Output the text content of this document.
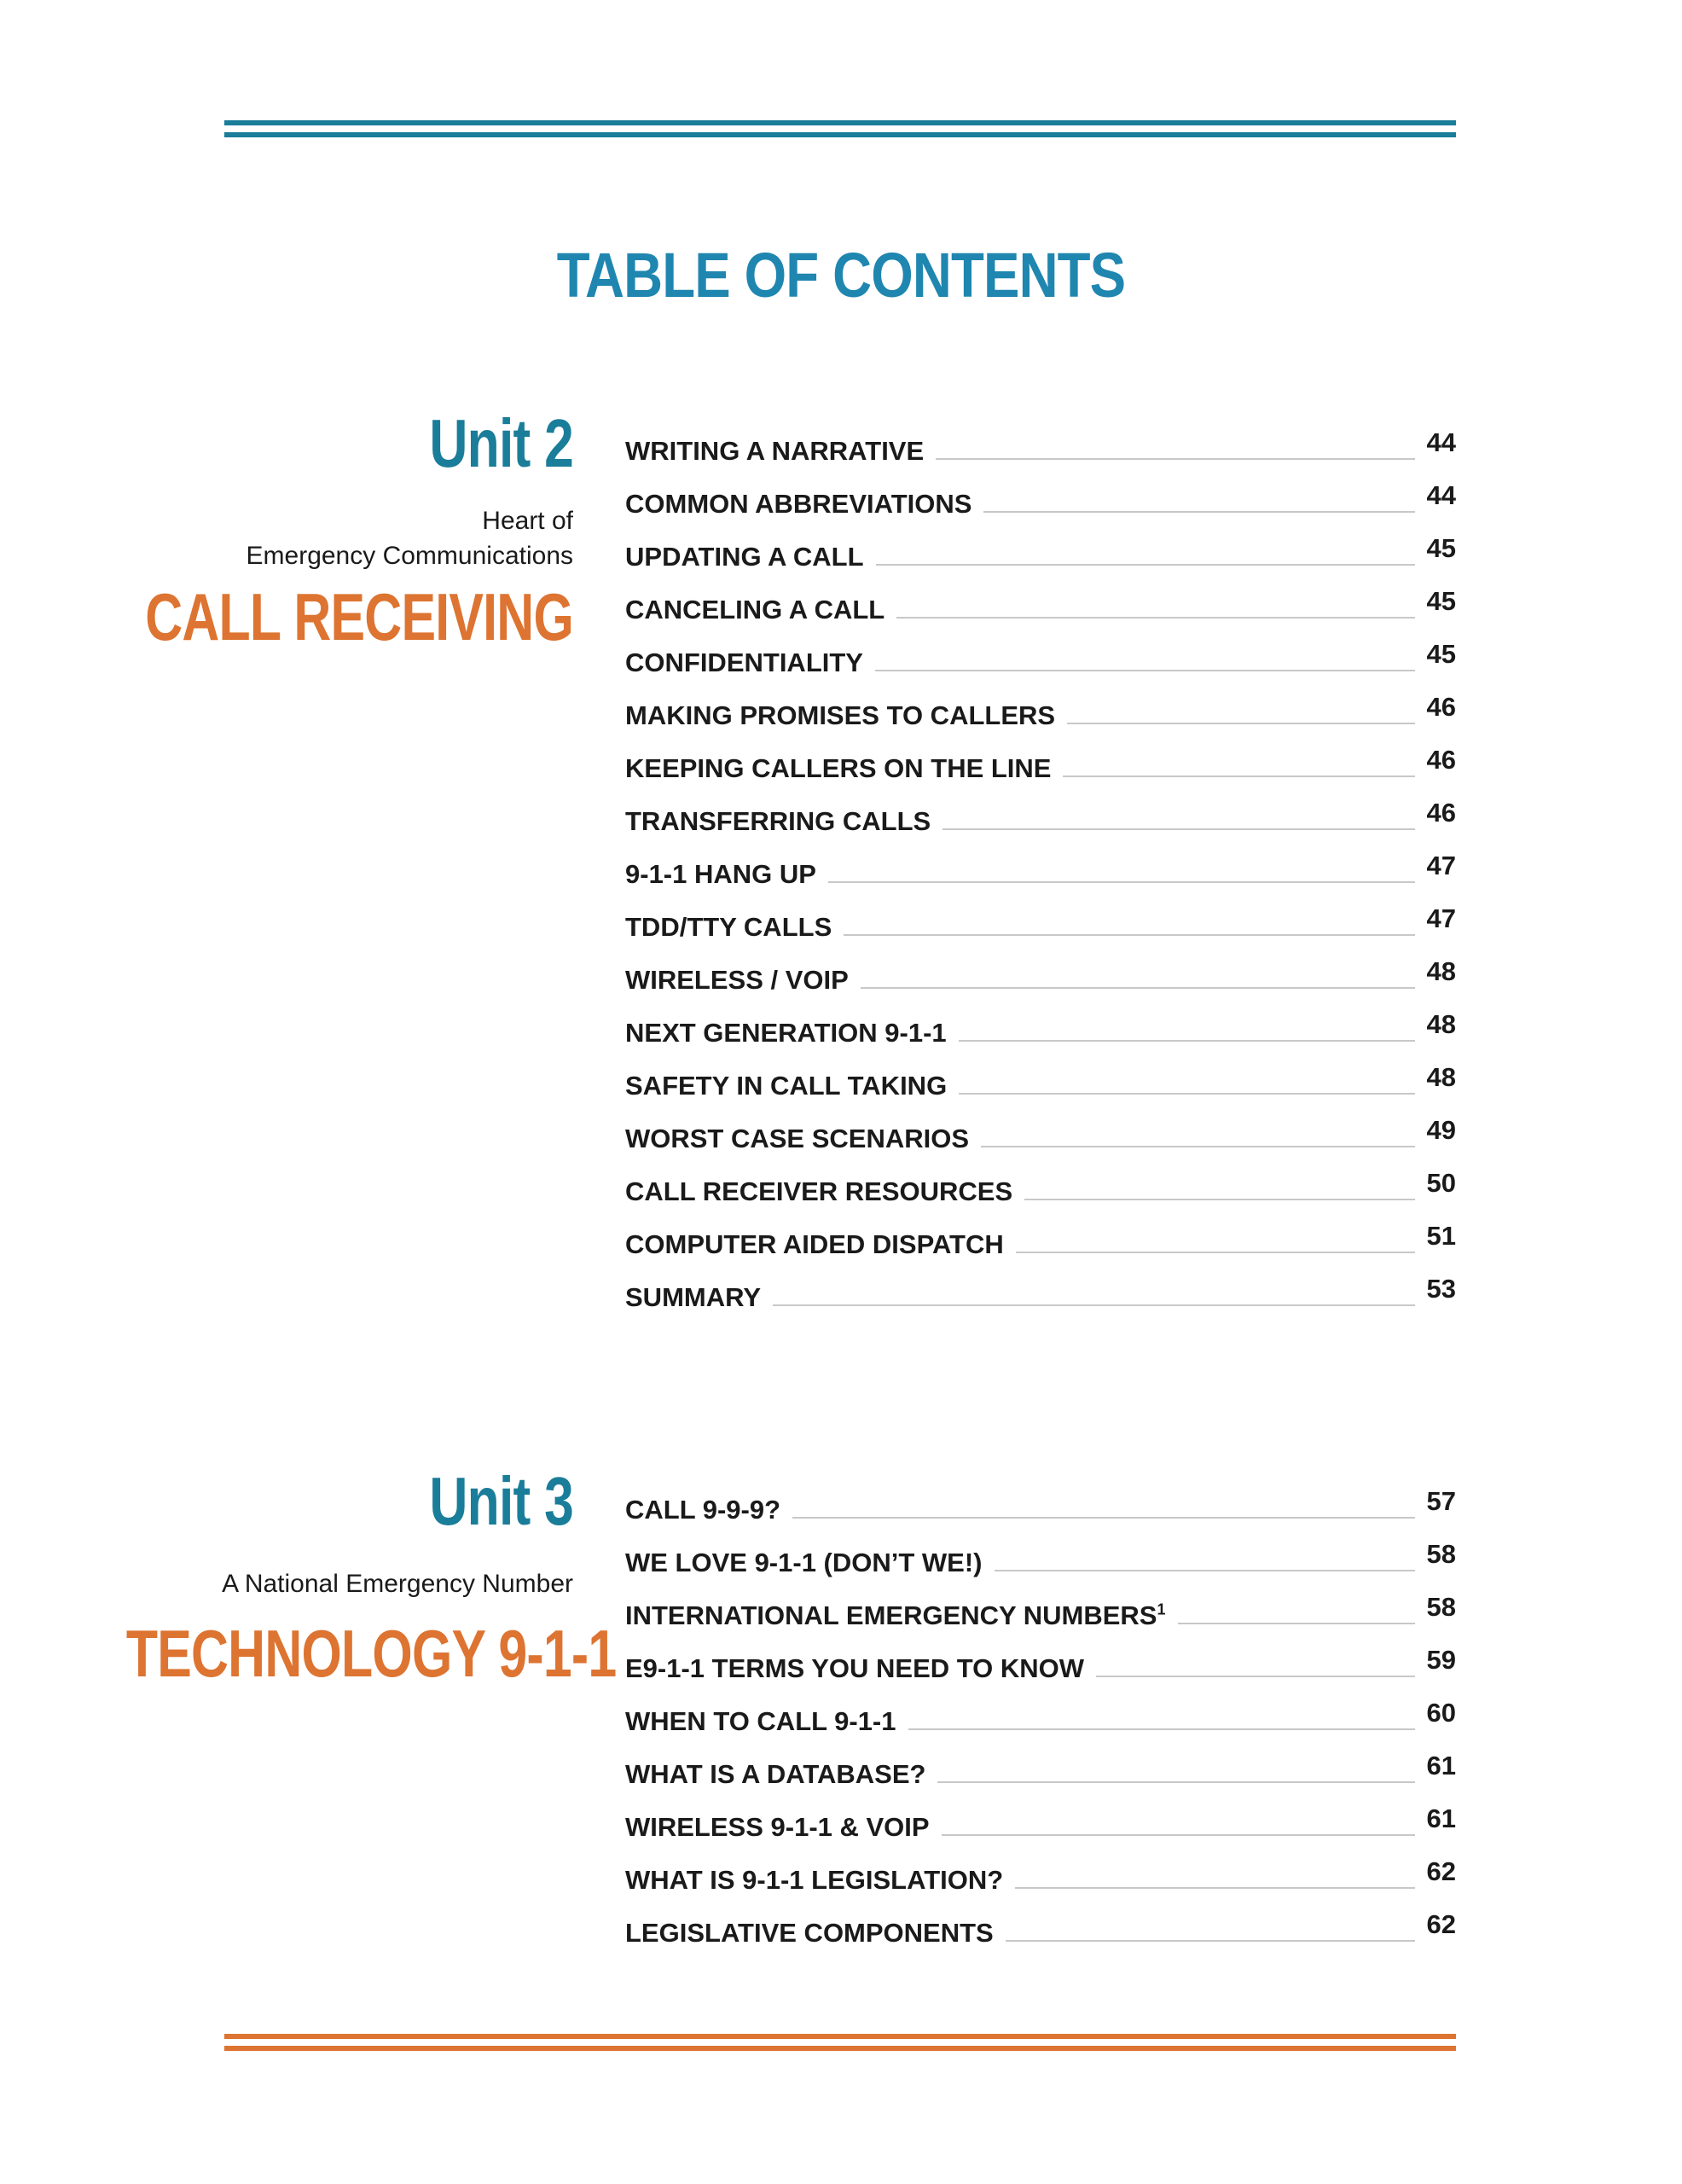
TABLE OF CONTENTS
Unit 2
Heart of
Emergency Communications
CALL RECEIVING
WRITING A NARRATIVE	44
COMMON ABBREVIATIONS	44
UPDATING A CALL	45
CANCELING A CALL	45
CONFIDENTIALITY	45
MAKING PROMISES TO CALLERS	46
KEEPING CALLERS ON THE LINE	46
TRANSFERRING CALLS	46
9-1-1 HANG UP	47
TDD/TTY CALLS	47
WIRELESS / VOIP	48
NEXT GENERATION 9-1-1	48
SAFETY IN CALL TAKING	48
WORST CASE SCENARIOS	49
CALL RECEIVER RESOURCES	50
COMPUTER AIDED DISPATCH	51
SUMMARY	53
Unit 3
A National Emergency Number
TECHNOLOGY 9-1-1
CALL 9-9-9?	57
WE LOVE 9-1-1 (DON’T WE!)	58
INTERNATIONAL EMERGENCY NUMBERS$^1$	58
E9-1-1 TERMS YOU NEED TO KNOW	59
WHEN TO CALL 9-1-1	60
WHAT IS A DATABASE?	61
WIRELESS 9-1-1 & VOIP	61
WHAT IS 9-1-1 LEGISLATION?	62
LEGISLATIVE COMPONENTS	62
